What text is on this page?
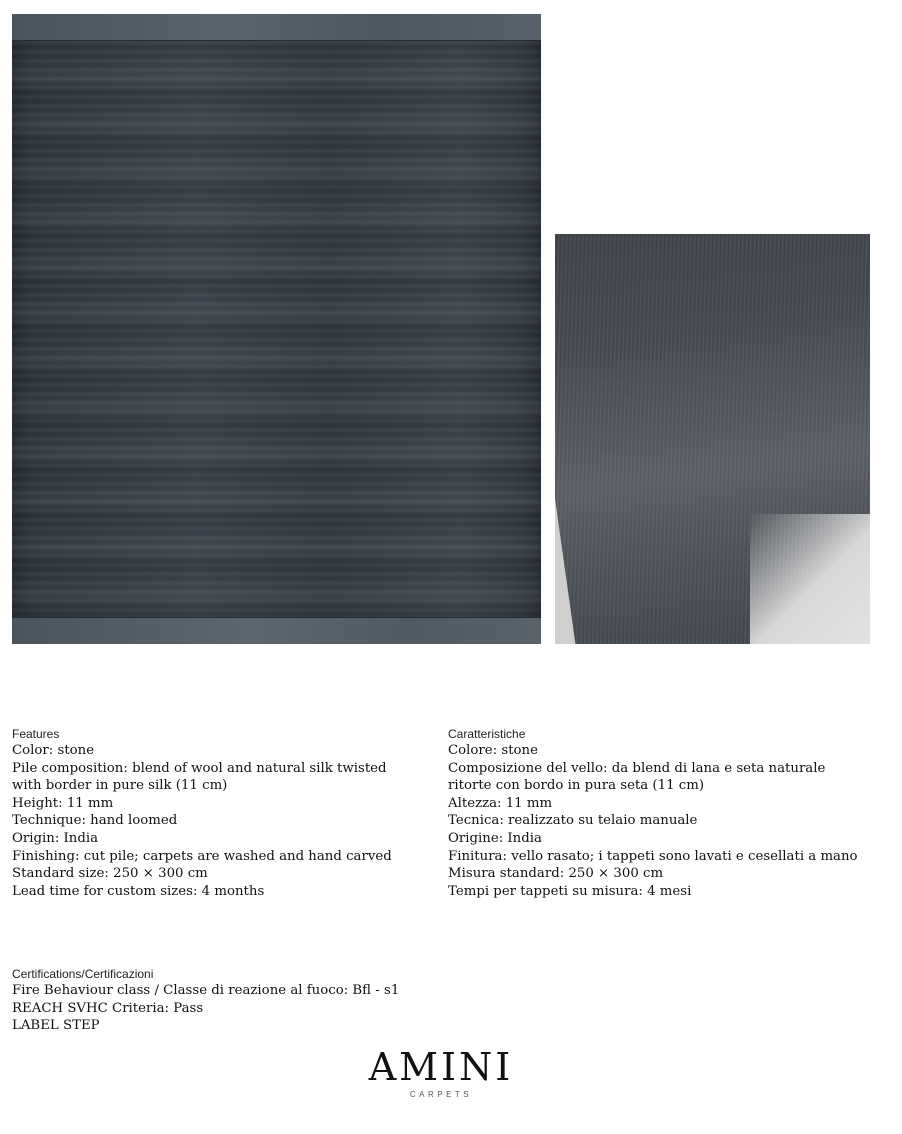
Features
Color: stone
Pile composition: blend of wool and natural silk twisted
with border in pure silk (11 cm)
Height: 11 mm
Technique: hand loomed
Origin: India
Finishing: cut pile; carpets are washed and hand carved
Standard size: 250 × 300 cm
Lead time for custom sizes: 4 months
Caratteristiche
Colore: stone
Composizione del vello: da blend di lana e seta naturale
ritorte con bordo in pura seta (11 cm)
Altezza: 11 mm
Tecnica: realizzato su telaio manuale
Origine: India
Finitura: vello rasato; i tappeti sono lavati e cesellati a mano
Misura standard: 250 × 300 cm
Tempi per tappeti su misura: 4 mesi
Certifications/Certificazioni
Fire Behaviour class / Classe di reazione al fuoco: Bfl - s1
REACH SVHC Criteria: Pass
LABEL STEP
AMINI
CARPETS
